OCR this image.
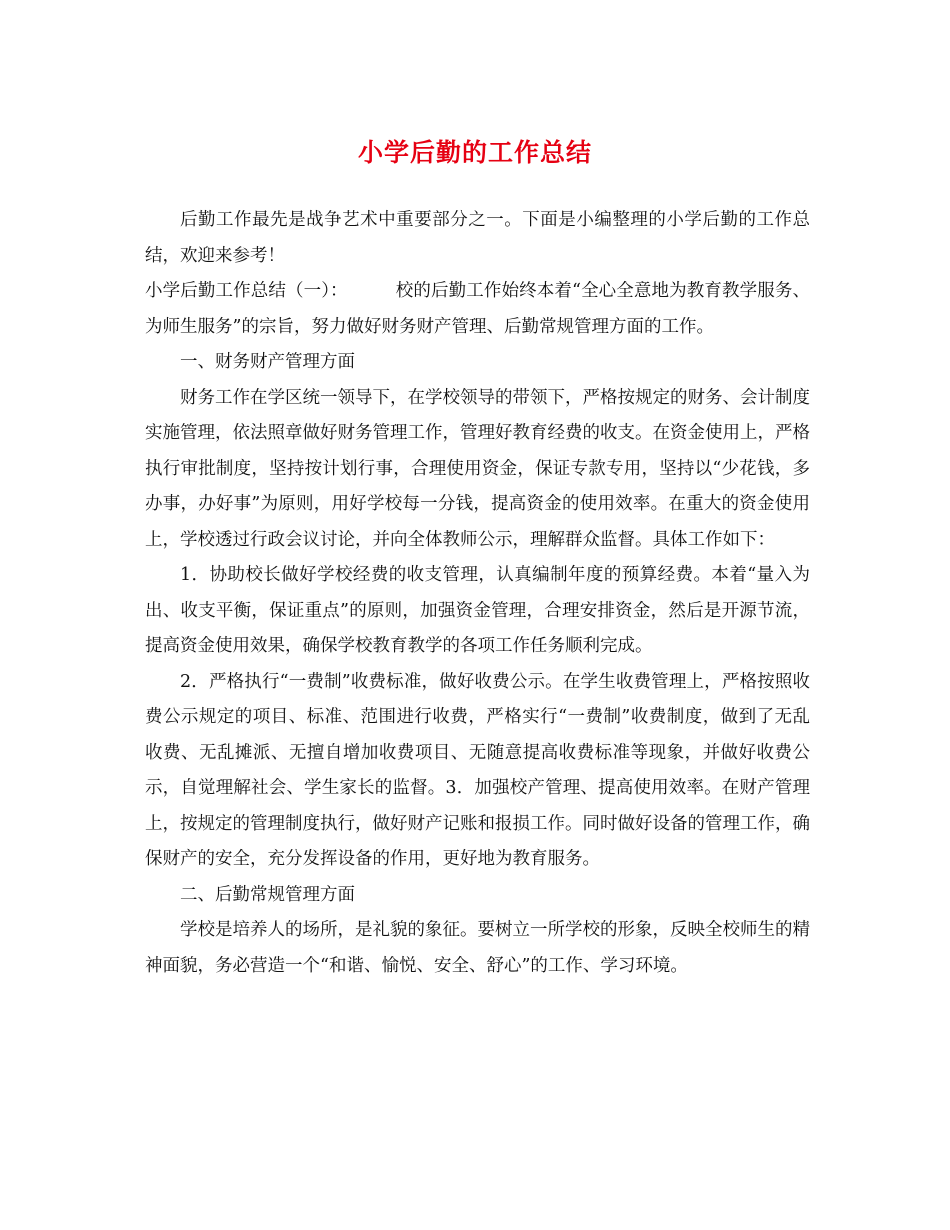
小学后勤的工作总结

后勤工作最先是战争艺术中重要部分之一。下面是小编整理的小学后勤的工作总结，欢迎来参考！

小学后勤工作总结（一）：	校的后勤工作始终本着“全心全意地为教育教学服务、为师生服务”的宗旨，努力做好财务财产管理、后勤常规管理方面的工作。

一、财务财产管理方面

财务工作在学区统一领导下，在学校领导的带领下，严格按规定的财务、会计制度实施管理，依法照章做好财务管理工作，管理好教育经费的收支。在资金使用上，严格执行审批制度，坚持按计划行事，合理使用资金，保证专款专用，坚持以“少花钱，多办事，办好事”为原则，用好学校每一分钱，提高资金的使用效率。在重大的资金使用上，学校透过行政会议讨论，并向全体教师公示，理解群众监督。具体工作如下：

1．协助校长做好学校经费的收支管理，认真编制年度的预算经费。本着“量入为出、收支平衡，保证重点”的原则，加强资金管理，合理安排资金，然后是开源节流，提高资金使用效果，确保学校教育教学的各项工作任务顺利完成。

2．严格执行“一费制”收费标准，做好收费公示。在学生收费管理上，严格按照收费公示规定的项目、标准、范围进行收费，严格实行“一费制”收费制度，做到了无乱收费、无乱摊派、无擅自增加收费项目、无随意提高收费标准等现象，并做好收费公示，自觉理解社会、学生家长的监督。3．加强校产管理、提高使用效率。在财产管理上，按规定的管理制度执行，做好财产记账和报损工作。同时做好设备的管理工作，确保财产的安全，充分发挥设备的作用，更好地为教育服务。

二、后勤常规管理方面

学校是培养人的场所，是礼貌的象征。要树立一所学校的形象，反映全校师生的精神面貌，务必营造一个“和谐、愉悦、安全、舒心”的工作、学习环境。
